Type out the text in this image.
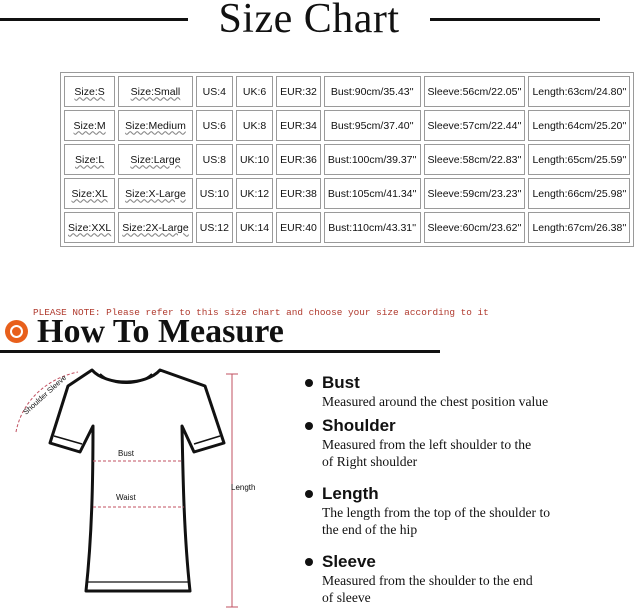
Size Chart
Size:S	Size:Small	US:4	UK:6	EUR:32	Bust:90cm/35.43''	Sleeve:56cm/22.05''	Length:63cm/24.80''
Size:M	Size:Medium	US:6	UK:8	EUR:34	Bust:95cm/37.40''	Sleeve:57cm/22.44''	Length:64cm/25.20''
Size:L	Size:Large	US:8	UK:10	EUR:36	Bust:100cm/39.37''	Sleeve:58cm/22.83''	Length:65cm/25.59''
Size:XL	Size:X-Large	US:10	UK:12	EUR:38	Bust:105cm/41.34''	Sleeve:59cm/23.23''	Length:66cm/25.98''
Size:XXL	Size:2X-Large	US:12	UK:14	EUR:40	Bust:110cm/43.31''	Sleeve:60cm/23.62''	Length:67cm/26.38''
PLEASE NOTE: Please refer to this size chart and choose your size according to it
How To Measure
Shoulder Sleeve
Bust
Waist
Length
Bust
Measured around the chest position value
Shoulder
Measured from the left shoulder to the
of Right shoulder
Length
The length from the top of the shoulder to
the end of the hip
Sleeve
Measured from the shoulder to the end
of sleeve
